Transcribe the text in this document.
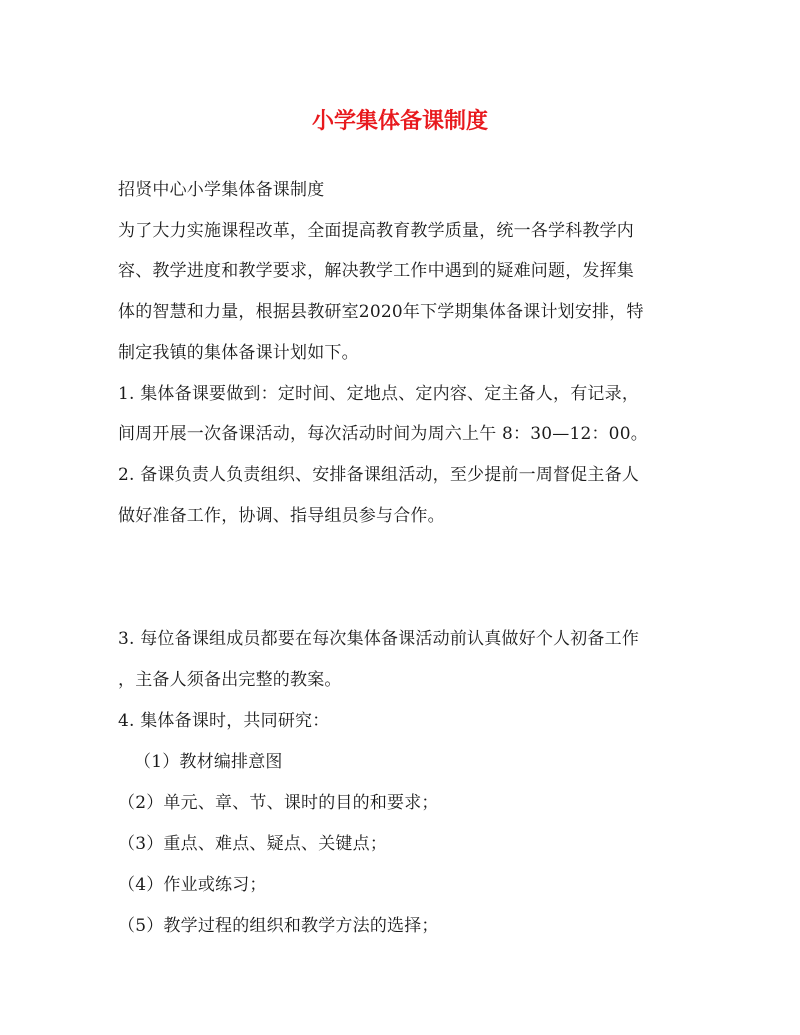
小学集体备课制度

招贤中心小学集体备课制度

为了大力实施课程改革，全面提高教育教学质量，统一各学科教学内

容、教学进度和教学要求，解决教学工作中遇到的疑难问题，发挥集

体的智慧和力量，根据县教研室2020年下学期集体备课计划安排，特

制定我镇的集体备课计划如下。

1. 集体备课要做到：定时间、定地点、定内容、定主备人，有记录，

间周开展一次备课活动，每次活动时间为周六上午 8：30—12：00。

2. 备课负责人负责组织、安排备课组活动，至少提前一周督促主备人

做好准备工作，协调、指导组员参与合作。

3. 每位备课组成员都要在每次集体备课活动前认真做好个人初备工作

，主备人须备出完整的教案。

4. 集体备课时，共同研究：

（1）教材编排意图

（2）单元、章、节、课时的目的和要求；

（3）重点、难点、疑点、关键点；

（4）作业或练习；

（5）教学过程的组织和教学方法的选择；
